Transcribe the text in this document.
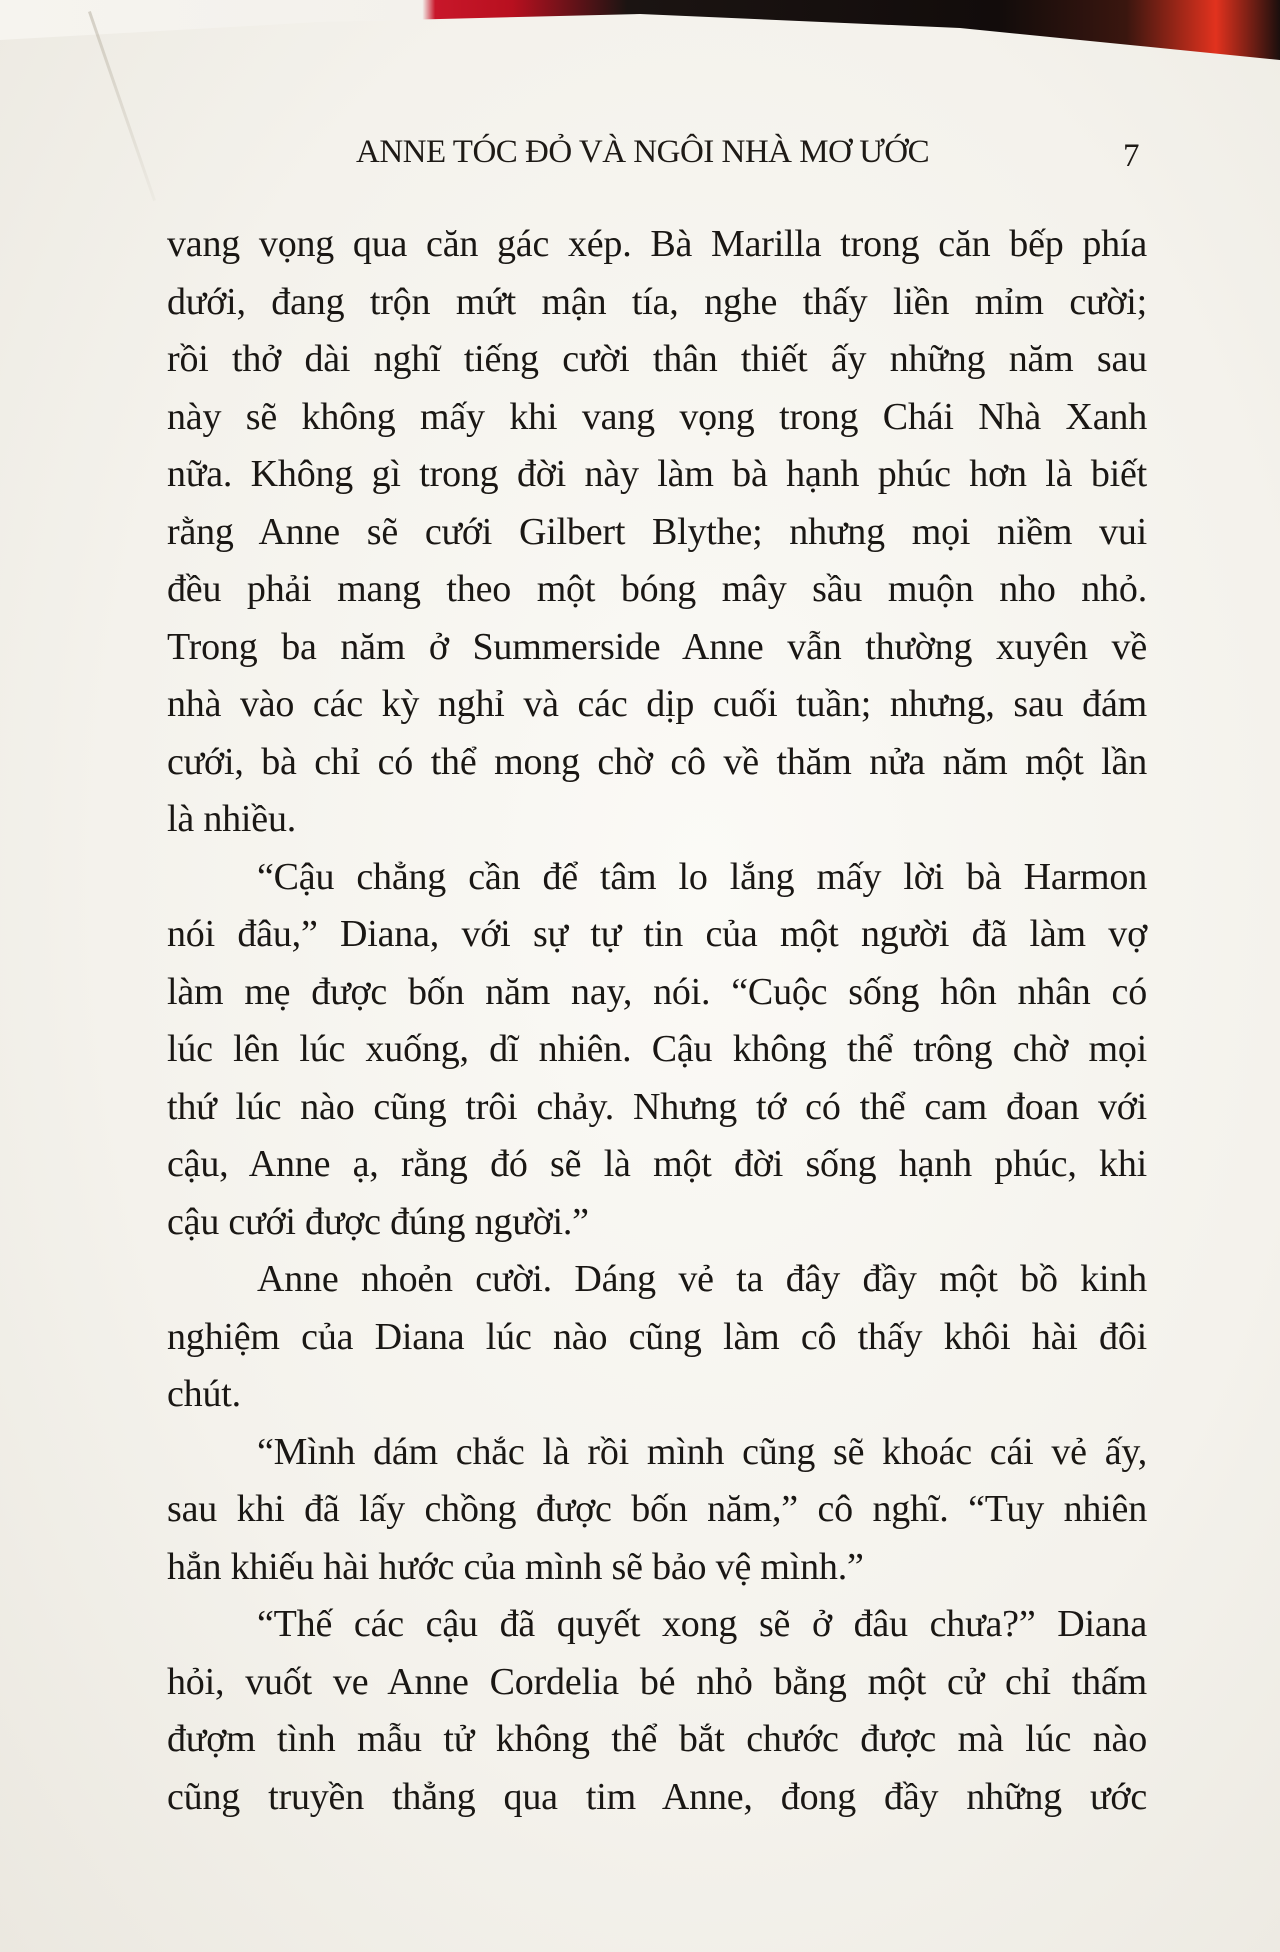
ANNE TÓC ĐỎ VÀ NGÔI NHÀ MƠ ƯỚC	7
vang vọng qua căn gác xép. Bà Marilla trong căn bếp phía
dưới, đang trộn mứt mận tía, nghe thấy liền mỉm cười;
rồi thở dài nghĩ tiếng cười thân thiết ấy những năm sau
này sẽ không mấy khi vang vọng trong Chái Nhà Xanh
nữa. Không gì trong đời này làm bà hạnh phúc hơn là biết
rằng Anne sẽ cưới Gilbert Blythe; nhưng mọi niềm vui
đều phải mang theo một bóng mây sầu muộn nho nhỏ.
Trong ba năm ở Summerside Anne vẫn thường xuyên về
nhà vào các kỳ nghỉ và các dịp cuối tuần; nhưng, sau đám
cưới, bà chỉ có thể mong chờ cô về thăm nửa năm một lần
là nhiều.
“Cậu chẳng cần để tâm lo lắng mấy lời bà Harmon
nói đâu,” Diana, với sự tự tin của một người đã làm vợ
làm mẹ được bốn năm nay, nói. “Cuộc sống hôn nhân có
lúc lên lúc xuống, dĩ nhiên. Cậu không thể trông chờ mọi
thứ lúc nào cũng trôi chảy. Nhưng tớ có thể cam đoan với
cậu, Anne ạ, rằng đó sẽ là một đời sống hạnh phúc, khi
cậu cưới được đúng người.”
Anne nhoẻn cười. Dáng vẻ ta đây đầy một bồ kinh
nghiệm của Diana lúc nào cũng làm cô thấy khôi hài đôi
chút.
“Mình dám chắc là rồi mình cũng sẽ khoác cái vẻ ấy,
sau khi đã lấy chồng được bốn năm,” cô nghĩ. “Tuy nhiên
hẳn khiếu hài hước của mình sẽ bảo vệ mình.”
“Thế các cậu đã quyết xong sẽ ở đâu chưa?” Diana
hỏi, vuốt ve Anne Cordelia bé nhỏ bằng một cử chỉ thấm
đượm tình mẫu tử không thể bắt chước được mà lúc nào
cũng truyền thẳng qua tim Anne, đong đầy những ước
